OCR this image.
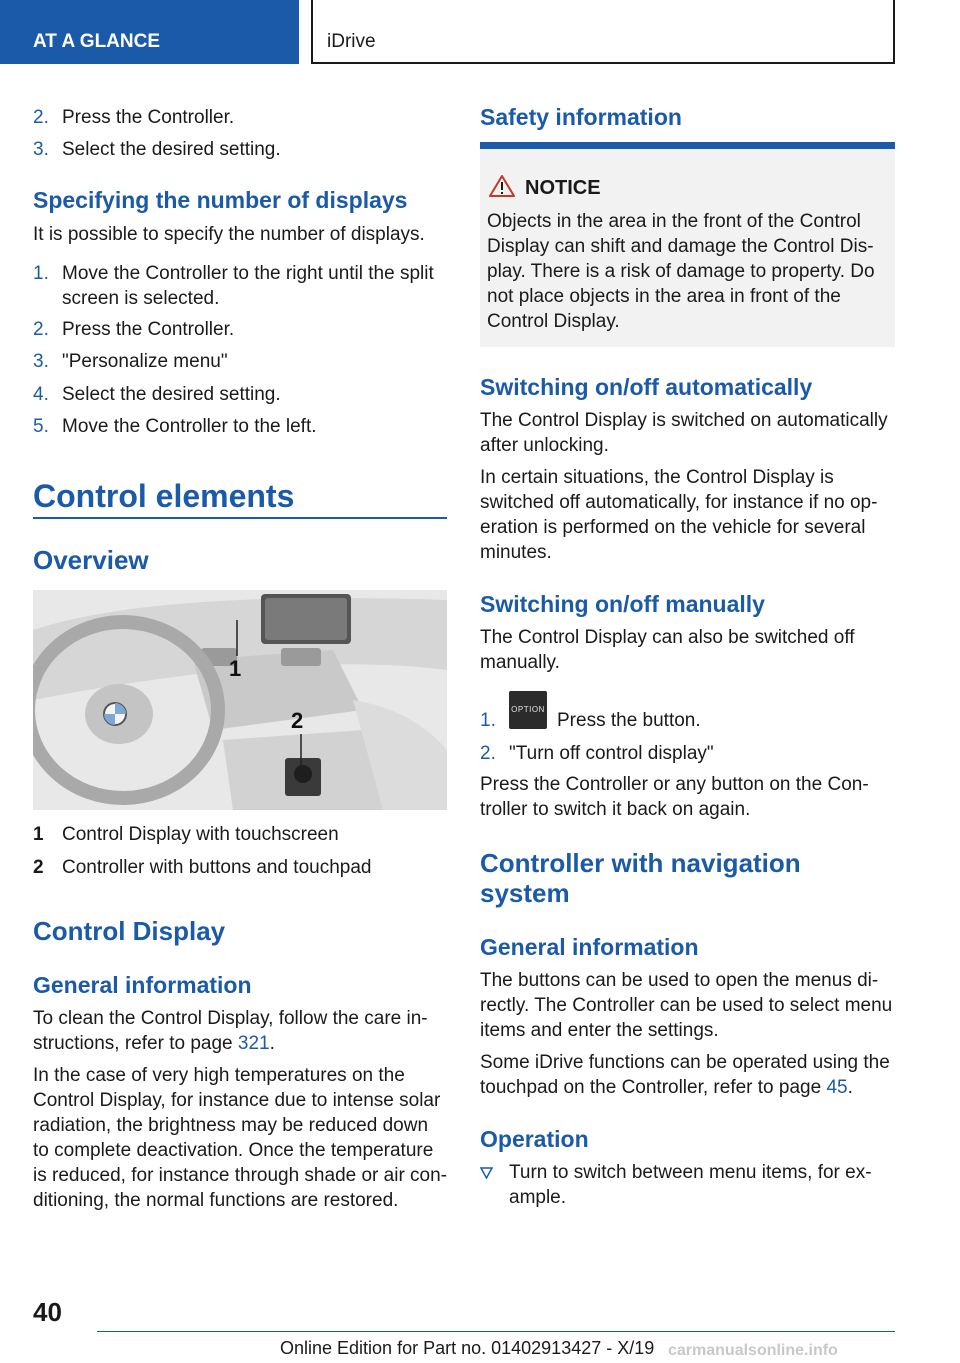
AT A GLANCE	iDrive
2. Press the Controller.
3. Select the desired setting.
Specifying the number of displays
It is possible to specify the number of displays.
1. Move the Controller to the right until the split screen is selected.
2. Press the Controller.
3. "Personalize menu"
4. Select the desired setting.
5. Move the Controller to the left.
Control elements
Overview
1
2
1 Control Display with touchscreen
2 Controller with buttons and touchpad
Control Display
General information
To clean the Control Display, follow the care in-structions, refer to page 321.
In the case of very high temperatures on the Control Display, for instance due to intense solar radiation, the brightness may be reduced down to complete deactivation. Once the temperature is reduced, for instance through shade or air con-ditioning, the normal functions are restored.
Safety information
NOTICE
Objects in the area in the front of the Control Display can shift and damage the Control Dis-play. There is a risk of damage to property. Do not place objects in the area in front of the Control Display.
Switching on/off automatically
The Control Display is switched on automatically after unlocking.
In certain situations, the Control Display is switched off automatically, for instance if no op-eration is performed on the vehicle for several minutes.
Switching on/off manually
The Control Display can also be switched off manually.
1.	Press the button.
OPTION
2. "Turn off control display"
Press the Controller or any button on the Con-troller to switch it back on again.
Controller with navigation system
General information
The buttons can be used to open the menus di-rectly. The Controller can be used to select menu items and enter the settings.
Some iDrive functions can be operated using the touchpad on the Controller, refer to page 45.
Operation
Turn to switch between menu items, for ex-ample.
40
Online Edition for Part no. 01402913427 - X/19 carmanualsonline.info
